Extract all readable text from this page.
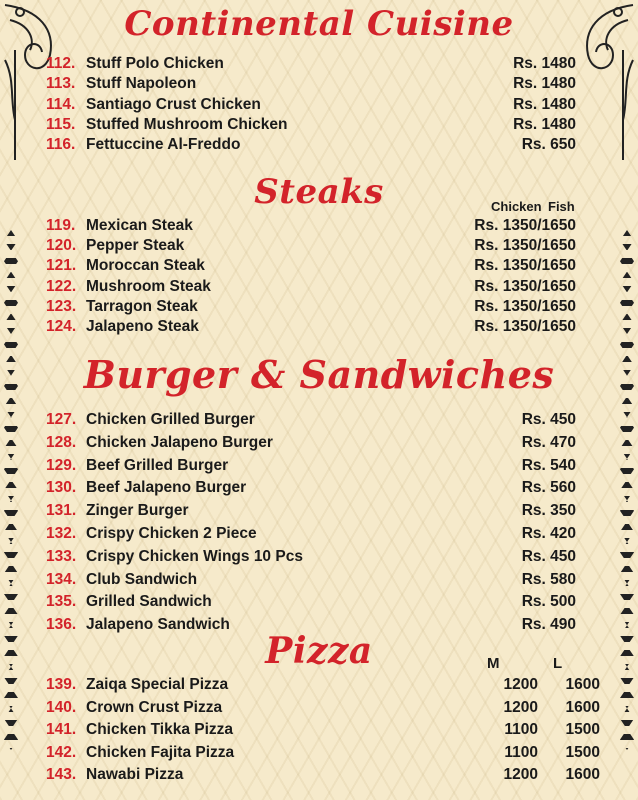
Continental Cuisine
112. Stuff Polo Chicken	Rs. 1480
113. Stuff Napoleon	Rs. 1480
114. Santiago Crust Chicken	Rs. 1480
115. Stuffed Mushroom Chicken	Rs. 1480
116. Fettuccine Al-Freddo	Rs. 650
Steaks	Chicken Fish
119. Mexican Steak	Rs. 1350/1650
120. Pepper Steak	Rs. 1350/1650
121. Moroccan Steak	Rs. 1350/1650
122. Mushroom Steak	Rs. 1350/1650
123. Tarragon Steak	Rs. 1350/1650
124. Jalapeno Steak	Rs. 1350/1650
Burger & Sandwiches
127. Chicken Grilled Burger	Rs. 450
128. Chicken Jalapeno Burger	Rs. 470
129. Beef Grilled Burger	Rs. 540
130. Beef Jalapeno Burger	Rs. 560
131. Zinger Burger	Rs. 350
132. Crispy Chicken 2 Piece	Rs. 420
133. Crispy Chicken Wings 10 Pcs	Rs. 450
134. Club Sandwich	Rs. 580
135. Grilled Sandwich	Rs. 500
136. Jalapeno Sandwich	Rs. 490
Pizza	M	L
139. Zaiqa Special Pizza	1200	1600
140. Crown Crust Pizza	1200	1600
141. Chicken Tikka Pizza	1100	1500
142. Chicken Fajita Pizza	1100	1500
143. Nawabi Pizza	1200	1600
